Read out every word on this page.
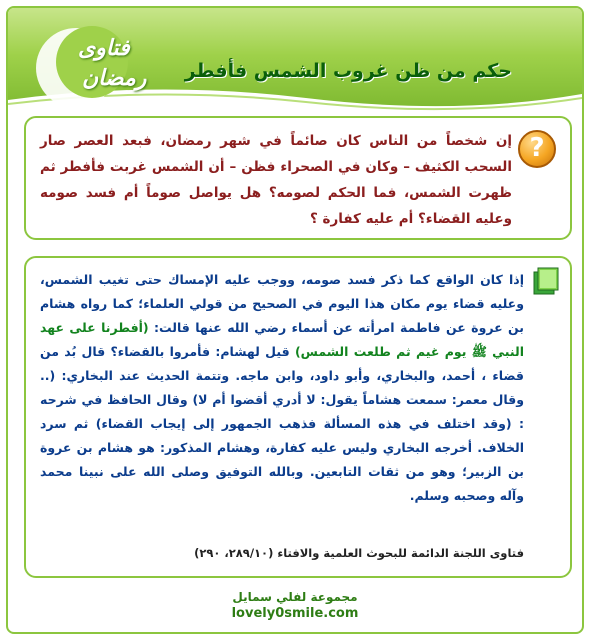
فتاوى
رمضان حكم من ظن غروب الشمس فأفطر
?
إن شخصاً من الناس كان صائماً في شهر رمضان، فبعد العصر صار السحب الكثيف – وكان في الصحراء فظن – أن الشمس غربت فأفطر ثم ظهرت الشمس، فما الحكم لصومه؟ هل يواصل صوماً أم فسد صومه وعليه القضاء؟ أم عليه كفارة ؟
إذا كان الواقع كما ذكر فسد صومه، ووجب عليه الإمساك حتى تغيب الشمس، وعليه قضاء يوم مكان هذا اليوم في الصحيح من قولي العلماء؛ كما رواه هشام بن عروة عن فاطمة امرأته عن أسماء رضي الله عنها قالت: (أفطرنا على عهد النبي ﷺ يوم غيم ثم طلعت الشمس) قيل لهشام: فأمروا بالقضاء؟ قال بُد من قضاء ، أحمد، والبخاري، وأبو داود، وابن ماجه. وتتمة الحديث عند البخاري: (.. وقال معمر: سمعت هشاماً يقول: لا أدري أقضوا أم لا) وقال الحافظ في شرحه : (وقد اختلف في هذه المسألة فذهب الجمهور إلى إيجاب القضاء) ثم سرد الخلاف. أخرجه البخاري وليس عليه كفارة، وهشام المذكور: هو هشام بن عروة بن الزبير؛ وهو من ثقات التابعين. وبالله التوفيق وصلى الله على نبينا محمد وآله وصحبه وسلم.
فتاوى اللجنة الدائمة للبحوث العلمية والافتاء (٢٨٩/١٠، ٢٩٠)
مجموعة لفلي سمايل
lovely0smile.com
